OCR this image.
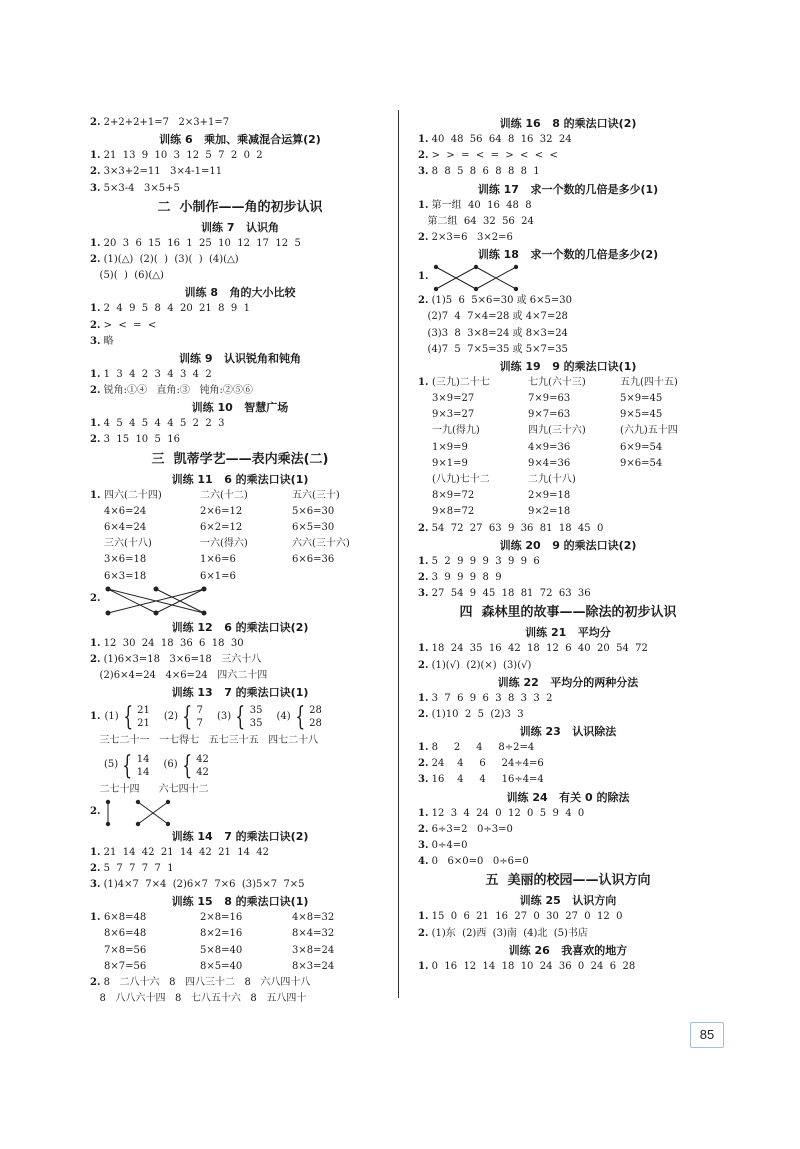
2. 2+2+2+1=7   2×3+1=7
训练 6   乘加、乘减混合运算(2)
1. 21  13  9  10  3  12  5  7  2  0  2
2. 3×3+2=11   3×4-1=11
3. 5×3-4   3×5+5
二  小制作——角的初步认识
训练 7   认识角
1. 20  3  6  15  16  1  25  10  12  17  12  5
2. (1)(△)  (2)(  )  (3)(  )  (4)(△)
(5)(  )  (6)(△)
训练 8   角的大小比较
1. 2  4  9  5  8  4  20  21  8  9  1
2. >  <  =  <
3. 略
训练 9   认识锐角和钝角
1. 1  3  4  2  3  4  3  4  2
2. 锐角:①④   直角:③   钝角:②⑤⑥
训练 10   智慧广场
1. 4  5  4  5  4  4  5  2  2  3
2. 3  15  10  5  16
三  凯蒂学艺——表内乘法(二)
训练 11   6 的乘法口诀(1)
1. 四六(二十四)	二六(十二)	五六(三十)
4×6=24	2×6=12	5×6=30
6×4=24	6×2=12	6×5=30
三六(十八)	一六(得六)	六六(三十六)
3×6=18	1×6=6	6×6=36
6×3=18	6×1=6
2.
训练 12   6 的乘法口诀(2)
1. 12  30  24  18  36  6  18  30
2. (1)6×3=18   3×6=18   三六十八
(2)6×4=24   4×6=24   四六二十四
训练 13   7 的乘法口诀(1)
1. (1) { 21
21
(2) { 7
7
(3) { 35
35
(4) { 28
28
三七二十一   一七得七   五七三十五   四七二十八
(5) { 14
14
(6) { 42
42
二七十四      六七四十二
2.
训练 14   7 的乘法口诀(2)
1. 21  14  42  21  14  42  21  14  42
2. 5  7  7  7  7  1
3. (1)4×7  7×4  (2)6×7  7×6  (3)5×7  7×5
训练 15   8 的乘法口诀(1)
1. 6×8=48	2×8=16	4×8=32
8×6=48	8×2=16	8×4=32
7×8=56	5×8=40	3×8=24
8×7=56	8×5=40	8×3=24
2. 8   二八十六   8   四八三十二   8   六八四十八
8   八八六十四   8   七八五十六   8   五八四十
训练 16   8 的乘法口诀(2)
1. 40  48  56  64  8  16  32  24
2. >  >  =  <  =  >  <  <  <
3. 8  8  5  8  6  8  8  8  1
训练 17   求一个数的几倍是多少(1)
1. 第一组  40  16  48  8
第二组  64  32  56  24
2. 2×3=6   3×2=6
训练 18   求一个数的几倍是多少(2)
1.
2. (1)5  6  5×6=30 或 6×5=30
(2)7  4  7×4=28 或 4×7=28
(3)3  8  3×8=24 或 8×3=24
(4)7  5  7×5=35 或 5×7=35
训练 19   9 的乘法口诀(1)
1. (三九)二十七	七九(六十三)	五九(四十五)
3×9=27	7×9=63	5×9=45
9×3=27	9×7=63	9×5=45
一九(得九)	四九(三十六)	(六九)五十四
1×9=9	4×9=36	6×9=54
9×1=9	9×4=36	9×6=54
(八九)七十二	二九(十八)
8×9=72	2×9=18
9×8=72	9×2=18
2. 54  72  27  63  9  36  81  18  45  0
训练 20   9 的乘法口诀(2)
1. 5  2  9  9  9  3  9  9  6
2. 3  9  9  9  8  9
3. 27  54  9  45  18  81  72  63  36
四  森林里的故事——除法的初步认识
训练 21   平均分
1. 18  24  35  16  42  18  12  6  40  20  54  72
2. (1)(√)  (2)(×)  (3)(√)
训练 22   平均分的两种分法
1. 3  7  6  9  6  3  8  3  3  2
2. (1)10  2  5  (2)3  3
训练 23   认识除法
1. 8     2     4     8÷2=4
2. 24    4     6     24÷4=6
3. 16    4     4     16÷4=4
训练 24   有关 0 的除法
1. 12  3  4  24  0  12  0  5  9  4  0
2. 6÷3=2   0÷3=0
3. 0÷4=0
4. 0   6×0=0   0÷6=0
五  美丽的校园——认识方向
训练 25   认识方向
1. 15  0  6  21  16  27  0  30  27  0  12  0
2. (1)东  (2)西  (3)南  (4)北  (5)书店
训练 26   我喜欢的地方
1. 0  16  12  14  18  10  24  36  0  24  6  28
85
